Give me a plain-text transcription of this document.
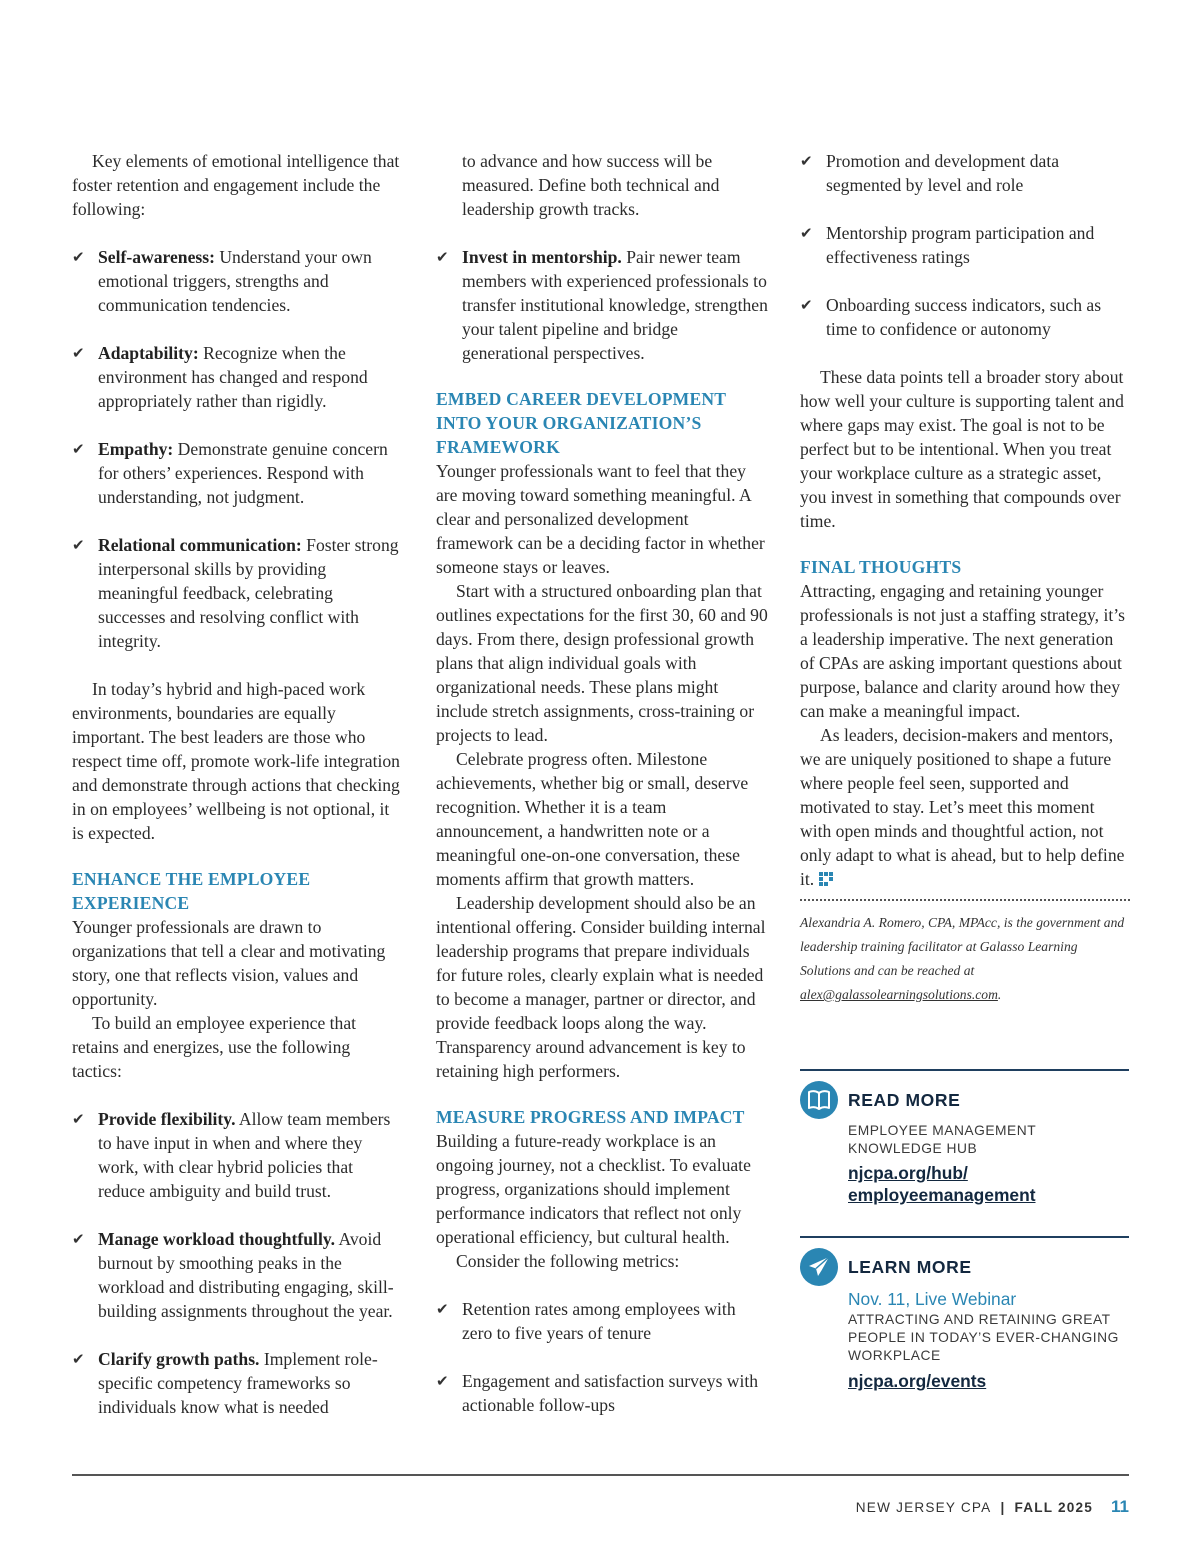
Key elements of emotional intelligence that foster retention and engagement include the following:

✔ Self-awareness: Understand your own emotional triggers, strengths and communication tendencies.
✔ Adaptability: Recognize when the environment has changed and respond appropriately rather than rigidly.
✔ Empathy: Demonstrate genuine concern for others’ experiences. Respond with understanding, not judgment.
✔ Relational communication: Foster strong interpersonal skills by providing meaningful feedback, celebrating successes and resolving conflict with integrity.

In today’s hybrid and high-paced work environments, boundaries are equally important. The best leaders are those who respect time off, promote work-life integration and demonstrate through actions that checking in on employees’ wellbeing is not optional, it is expected.

ENHANCE THE EMPLOYEE EXPERIENCE

Younger professionals are drawn to organizations that tell a clear and motivating story, one that reflects vision, values and opportunity.

To build an employee experience that retains and energizes, use the following tactics:

✔ Provide flexibility. Allow team members to have input in when and where they work, with clear hybrid policies that reduce ambiguity and build trust.
✔ Manage workload thoughtfully. Avoid burnout by smoothing peaks in the workload and distributing engaging, skill-building assignments throughout the year.
✔ Clarify growth paths. Implement role-specific competency frameworks so individuals know what is needed

to advance and how success will be measured. Define both technical and leadership growth tracks.

✔ Invest in mentorship. Pair newer team members with experienced professionals to transfer institutional knowledge, strengthen your talent pipeline and bridge generational perspectives.
EMBED CAREER DEVELOPMENT INTO YOUR ORGANIZATION’S FRAMEWORK

Younger professionals want to feel that they are moving toward something meaningful. A clear and personalized development framework can be a deciding factor in whether someone stays or leaves.

Start with a structured onboarding plan that outlines expectations for the first 30, 60 and 90 days. From there, design professional growth plans that align individual goals with organizational needs. These plans might include stretch assignments, cross-training or projects to lead.

Celebrate progress often. Milestone achievements, whether big or small, deserve recognition. Whether it is a team announcement, a handwritten note or a meaningful one-on-one conversation, these moments affirm that growth matters.

Leadership development should also be an intentional offering. Consider building internal leadership programs that prepare individuals for future roles, clearly explain what is needed to become a manager, partner or director, and provide feedback loops along the way. Transparency around advancement is key to retaining high performers.

MEASURE PROGRESS AND IMPACT

Building a future-ready workplace is an ongoing journey, not a checklist. To evaluate progress, organizations should implement performance indicators that reflect not only operational efficiency, but cultural health.

Consider the following metrics:

✔ Retention rates among employees with zero to five years of tenure
✔ Engagement and satisfaction surveys with actionable follow-ups
✔ Promotion and development data segmented by level and role
✔ Mentorship program participation and effectiveness ratings
✔ Onboarding success indicators, such as time to confidence or autonomy

These data points tell a broader story about how well your culture is supporting talent and where gaps may exist. The goal is not to be perfect but to be intentional. When you treat your workplace culture as a strategic asset, you invest in something that compounds over time.

FINAL THOUGHTS

Attracting, engaging and retaining younger professionals is not just a staffing strategy, it’s a leadership imperative. The next generation of CPAs are asking important questions about purpose, balance and clarity around how they can make a meaningful impact.

As leaders, decision-makers and mentors, we are uniquely positioned to shape a future where people feel seen, supported and motivated to stay. Let’s meet this moment with open minds and thoughtful action, not only adapt to what is ahead, but to help define it.

Alexandria A. Romero, CPA, MPAcc, is the government and leadership training facilitator at Galasso Learning Solutions and can be reached at alex@galassolearningsolutions.com.

READ MORE
EMPLOYEE MANAGEMENT KNOWLEDGE HUB
njcpa.org/hub/
employeemanagement
LEARN MORE
Nov. 11, Live Webinar
ATTRACTING AND RETAINING GREAT PEOPLE IN TODAY’S EVER-CHANGING WORKPLACE
njcpa.org/events
NEW JERSEY CPA | FALL 2025 11
